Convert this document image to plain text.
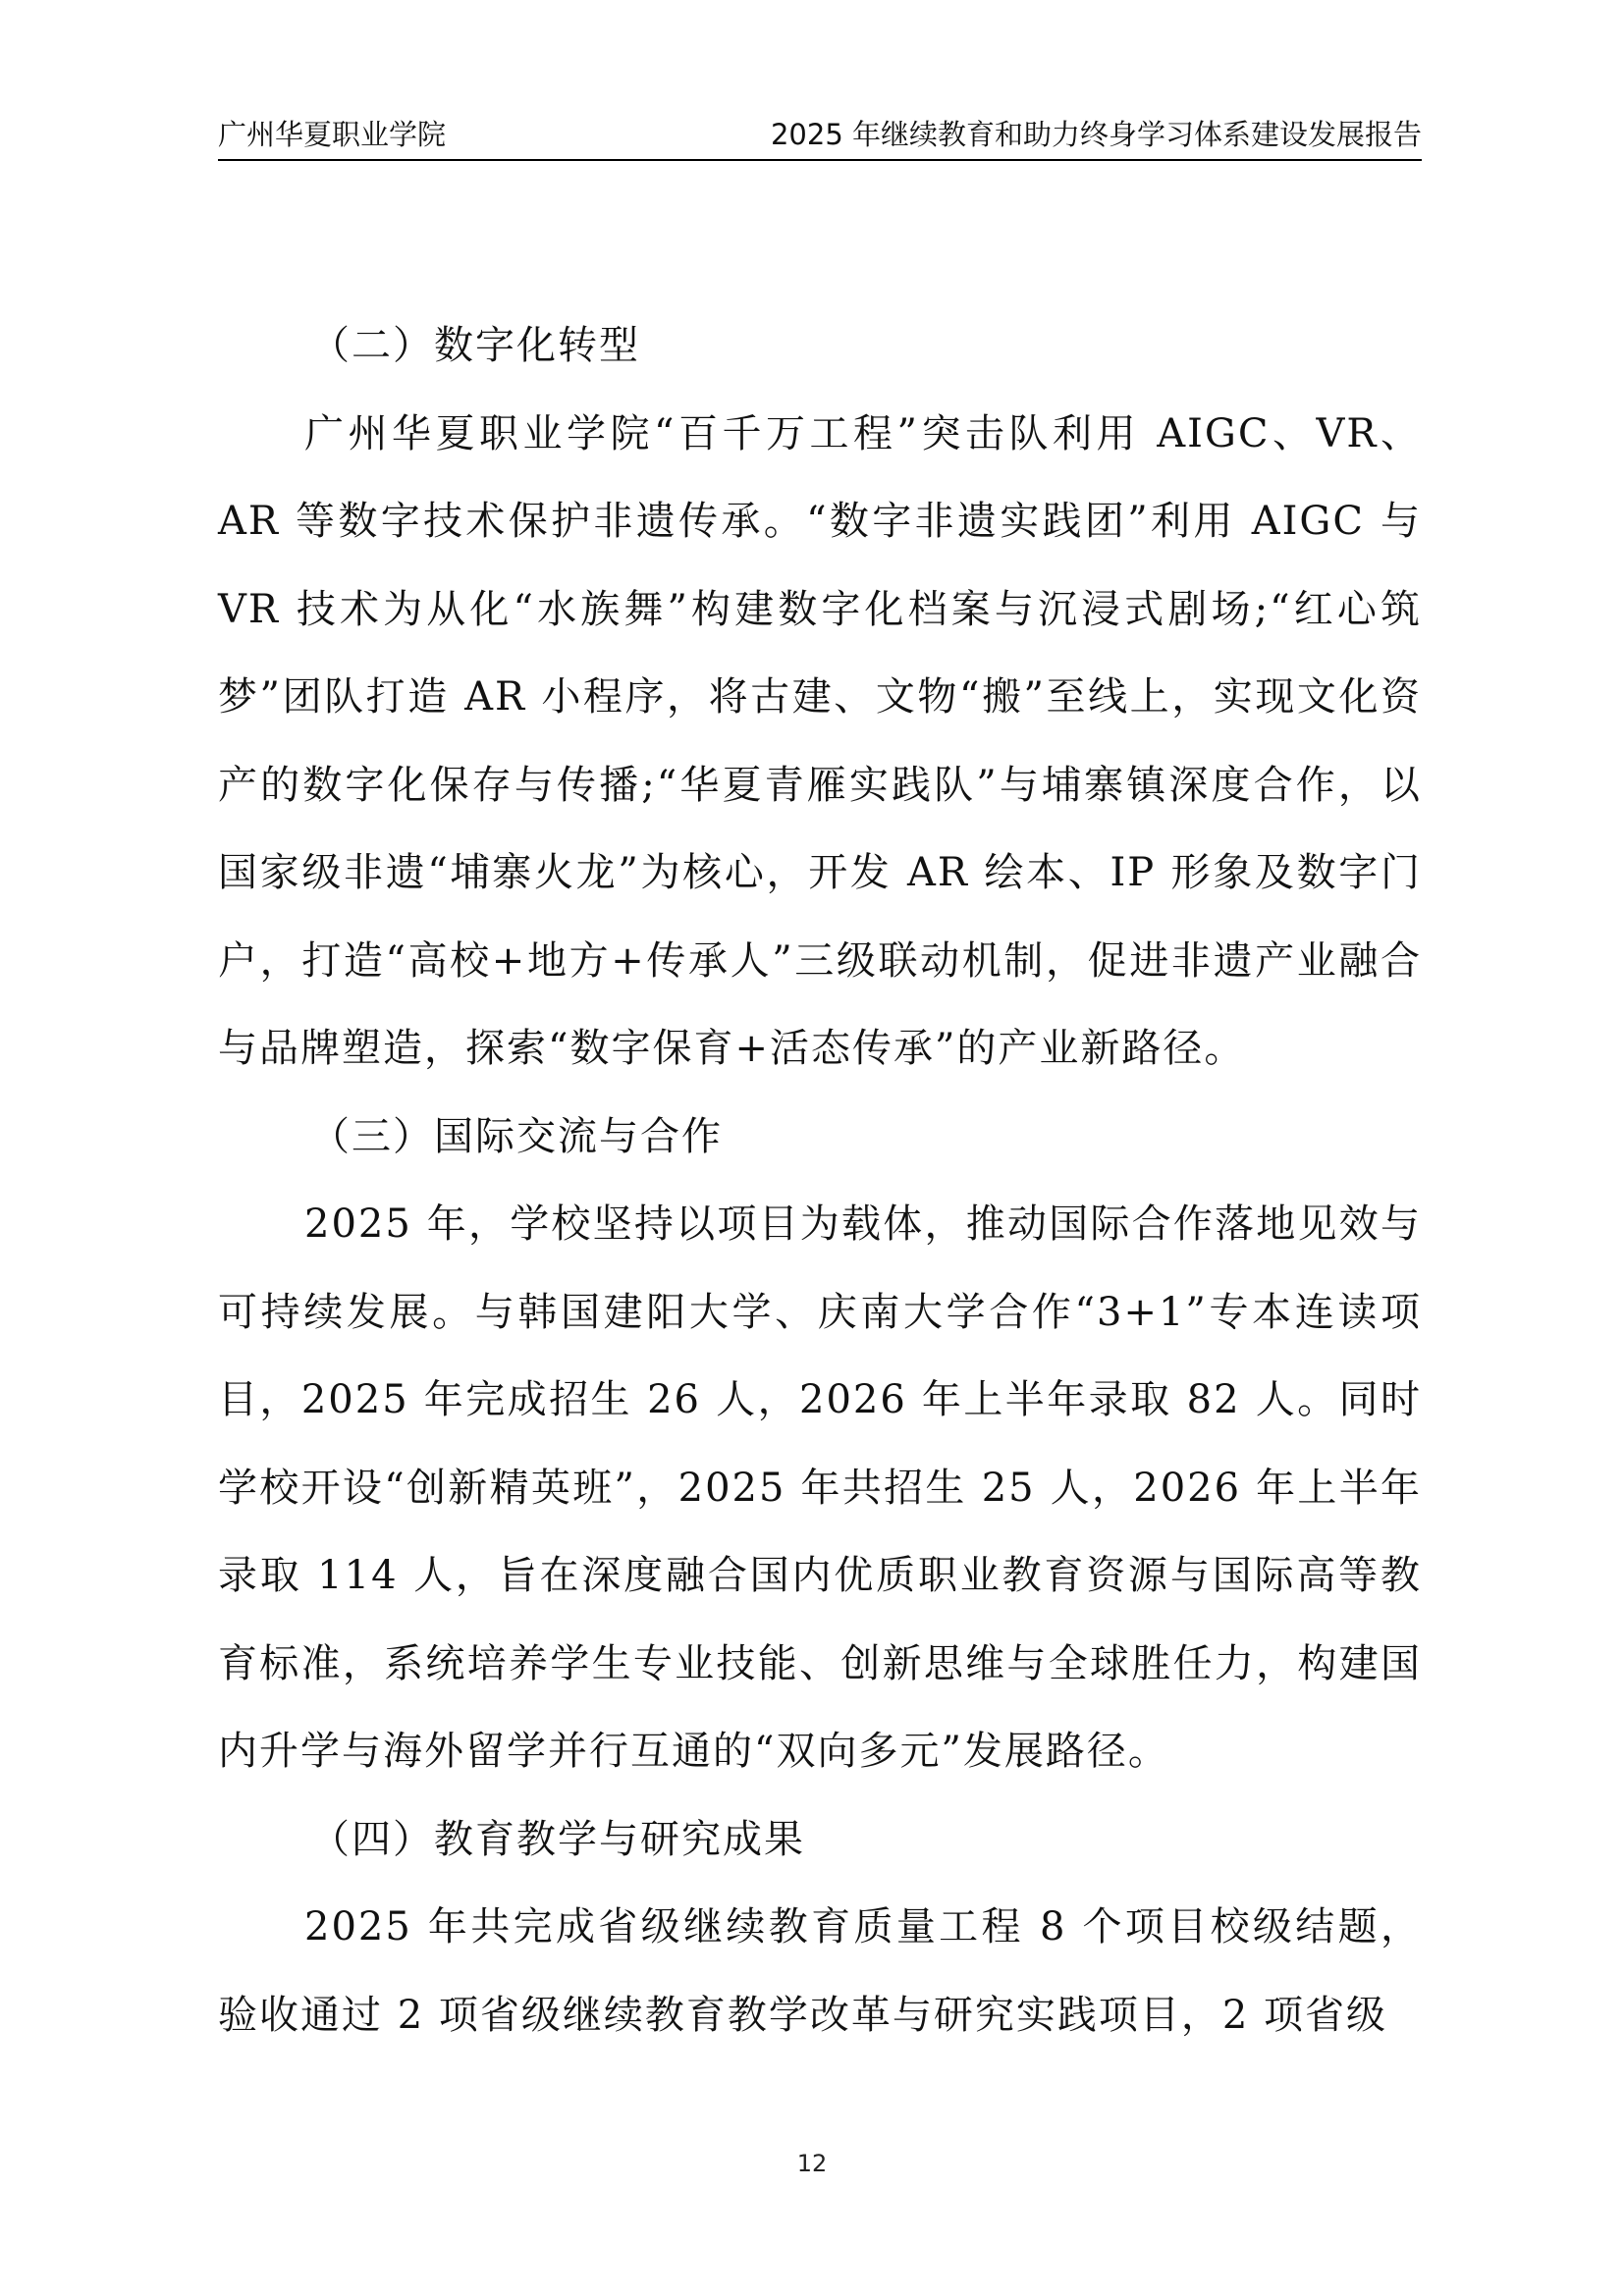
广州华夏职业学院	2025 年继续教育和助力终身学习体系建设发展报告

（二）数字化转型

广州华夏职业学院“百千万工程”突击队利用 AIGC、VR、AR 等数字技术保护非遗传承。“数字非遗实践团”利用 AIGC 与 VR 技术为从化“水族舞”构建数字化档案与沉浸式剧场;“红心筑梦”团队打造 AR 小程序，将古建、文物“搬”至线上，实现文化资产的数字化保存与传播;“华夏青雁实践队”与埔寨镇深度合作，以国家级非遗“埔寨火龙”为核心，开发 AR 绘本、IP 形象及数字门户，打造“高校+地方+传承人”三级联动机制，促进非遗产业融合与品牌塑造，探索“数字保育+活态传承”的产业新路径。

（三）国际交流与合作

2025 年，学校坚持以项目为载体，推动国际合作落地见效与可持续发展。与韩国建阳大学、庆南大学合作“3+1”专本连读项目，2025 年完成招生 26 人，2026 年上半年录取 82 人。同时学校开设“创新精英班”，2025 年共招生 25 人，2026 年上半年录取 114 人，旨在深度融合国内优质职业教育资源与国际高等教育标准，系统培养学生专业技能、创新思维与全球胜任力，构建国内升学与海外留学并行互通的“双向多元”发展路径。

（四）教育教学与研究成果

2025 年共完成省级继续教育质量工程 8 个项目校级结题，验收通过 2 项省级继续教育教学改革与研究实践项目，2 项省级

12
